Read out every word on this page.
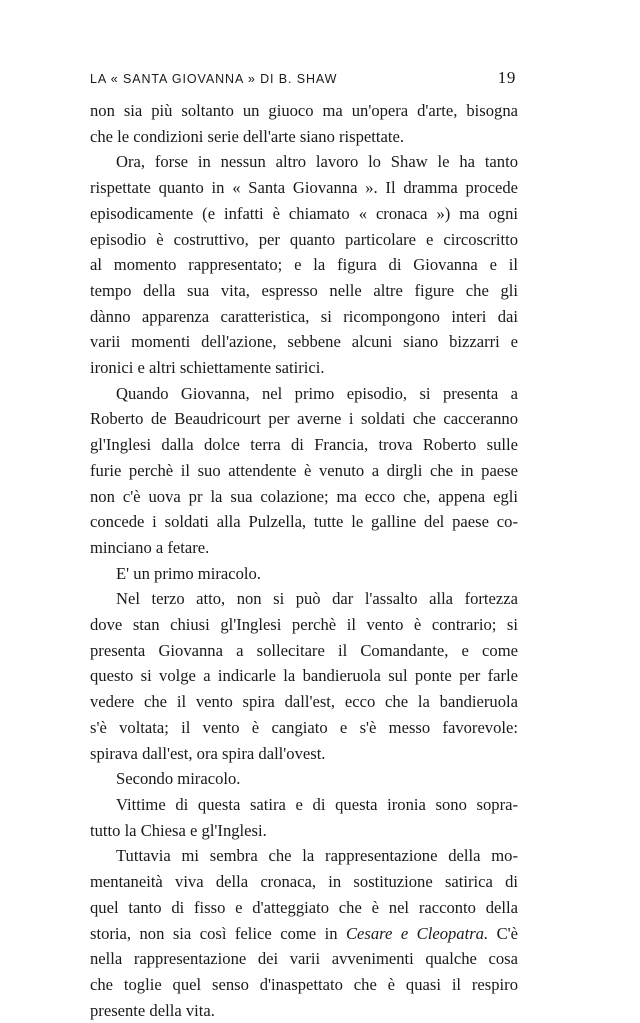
LA « SANTA GIOVANNA » DI B. SHAW	19
non sia più soltanto un giuoco ma un'opera d'arte, bisogna
che le condizioni serie dell'arte siano rispettate.
Ora, forse in nessun altro lavoro lo Shaw le ha tanto
rispettate quanto in « Santa Giovanna ». Il dramma procede
episodicamente (e infatti è chiamato « cronaca ») ma ogni
episodio è costruttivo, per quanto particolare e circoscritto
al momento rappresentato; e la figura di Giovanna e il
tempo della sua vita, espresso nelle altre figure che gli
dànno apparenza caratteristica, si ricompongono interi dai
varii momenti dell'azione, sebbene alcuni siano bizzarri e
ironici e altri schiettamente satirici.
Quando Giovanna, nel primo episodio, si presenta a
Roberto de Beaudricourt per averne i soldati che cacceranno
gl'Inglesi dalla dolce terra di Francia, trova Roberto sulle
furie perchè il suo attendente è venuto a dirgli che in paese
non c'è uova pr la sua colazione; ma ecco che, appena egli
concede i soldati alla Pulzella, tutte le galline del paese co-
minciano a fetare.
E' un primo miracolo.
Nel terzo atto, non si può dar l'assalto alla fortezza
dove stan chiusi gl'Inglesi perchè il vento è contrario; si
presenta Giovanna a sollecitare il Comandante, e come
questo si volge a indicarle la bandieruola sul ponte per farle
vedere che il vento spira dall'est, ecco che la bandieruola
s'è voltata; il vento è cangiato e s'è messo favorevole:
spirava dall'est, ora spira dall'ovest.
Secondo miracolo.
Vittime di questa satira e di questa ironia sono sopra-
tutto la Chiesa e gl'Inglesi.
Tuttavia mi sembra che la rappresentazione della mo-
mentaneità viva della cronaca, in sostituzione satirica di
quel tanto di fisso e d'atteggiato che è nel racconto della
storia, non sia così felice come in Cesare e Cleopatra. C'è
nella rappresentazione dei varii avvenimenti qualche cosa
che toglie quel senso d'inaspettato che è quasi il respiro
presente della vita.
